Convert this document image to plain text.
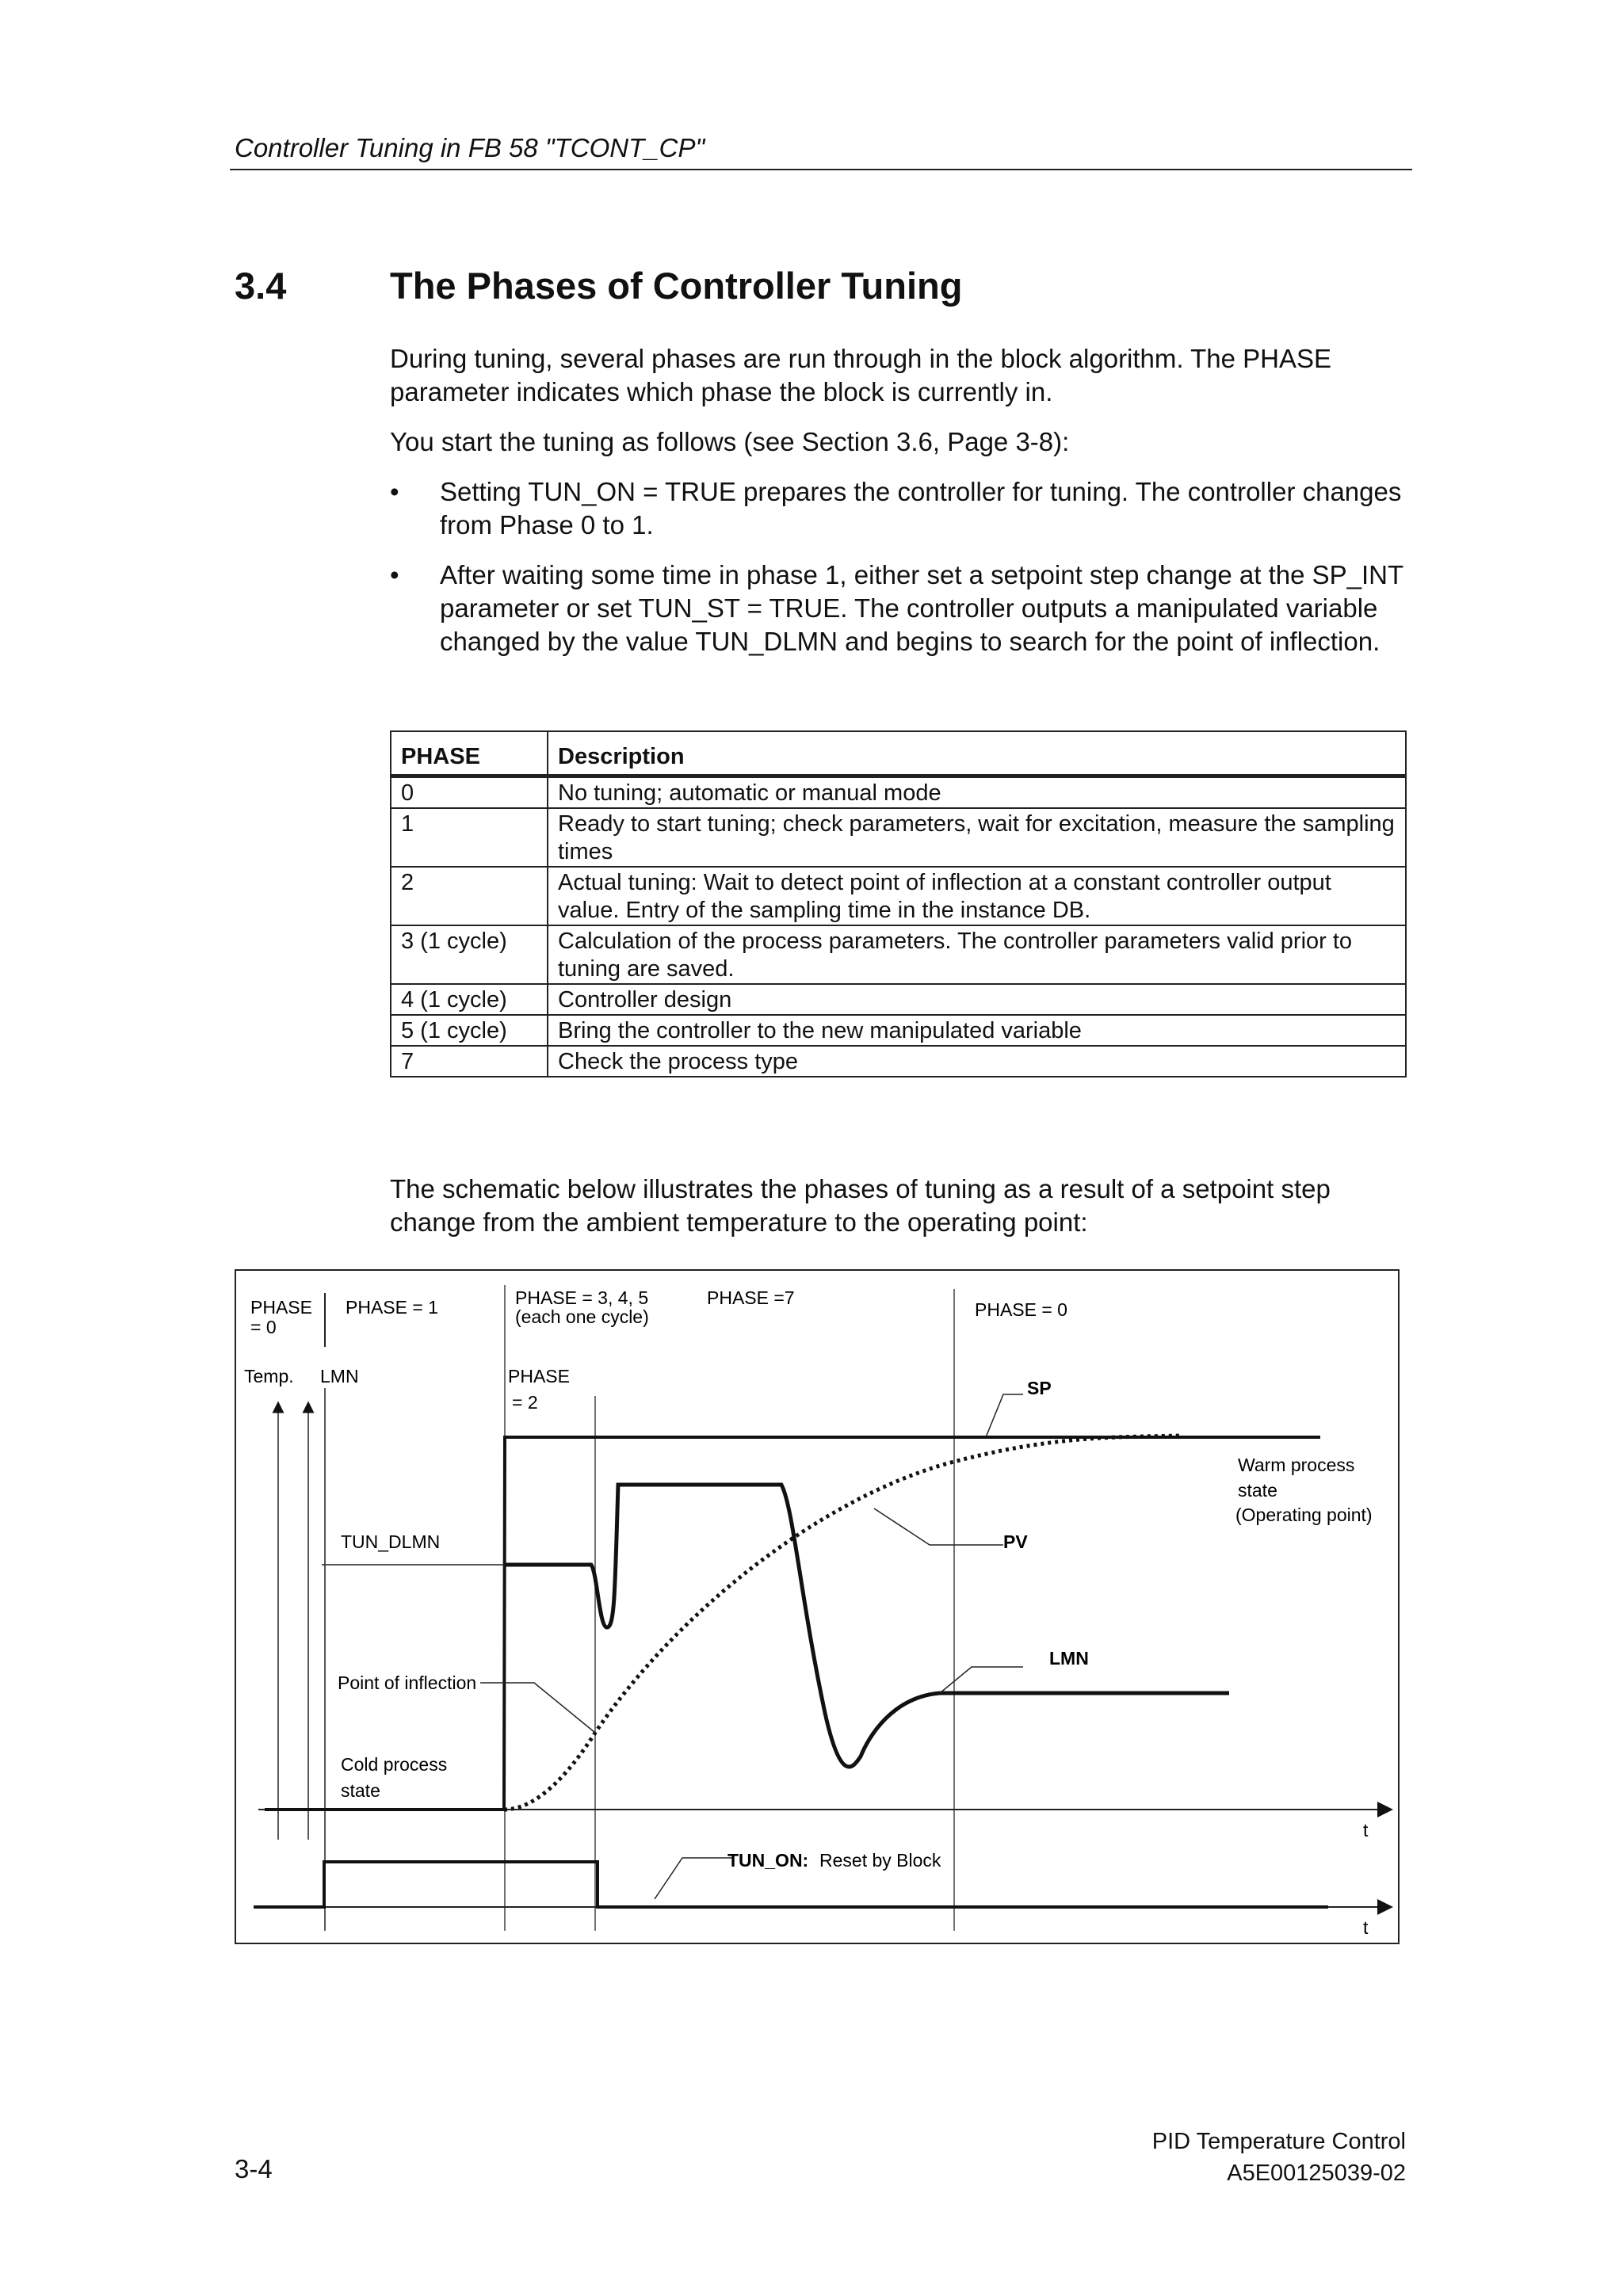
Controller Tuning in FB 58 "TCONT_CP"
3.4	The Phases of Controller Tuning

During tuning, several phases are run through in the block algorithm. The PHASE parameter indicates which phase the block is currently in.

You start the tuning as follows (see Section 3.6, Page 3-8):

• Setting TUN_ON = TRUE prepares the controller for tuning. The controller changes from Phase 0 to 1.

• After waiting some time in phase 1, either set a setpoint step change at the SP_INT parameter or set TUN_ST = TRUE. The controller outputs a manipulated variable changed by the value TUN_DLMN and begins to search for the point of inflection.

PHASE	Description
0	No tuning; automatic or manual mode
1	Ready to start tuning; check parameters, wait for excitation, measure the sampling times
2	Actual tuning: Wait to detect point of inflection at a constant controller output value. Entry of the sampling time in the instance DB.
3 (1 cycle)	Calculation of the process parameters. The controller parameters valid prior to tuning are saved.
4 (1 cycle)	Controller design
5 (1 cycle)	Bring the controller to the new manipulated variable
7	Check the process type

The schematic below illustrates the phases of tuning as a result of a setpoint step change from the ambient temperature to the operating point:

PHASE
= 0
PHASE = 1	PHASE = 3, 4, 5
(each one cycle)
PHASE =7
PHASE = 0
Temp. LMN	PHASE
= 2
SP
Warm process
state
(Operating point)
PV
TUN_DLMN
LMN
Point of inflection
Cold process
state
t
TUN_ON: Reset by Block
t
3-4
PID Temperature Control
A5E00125039-02
